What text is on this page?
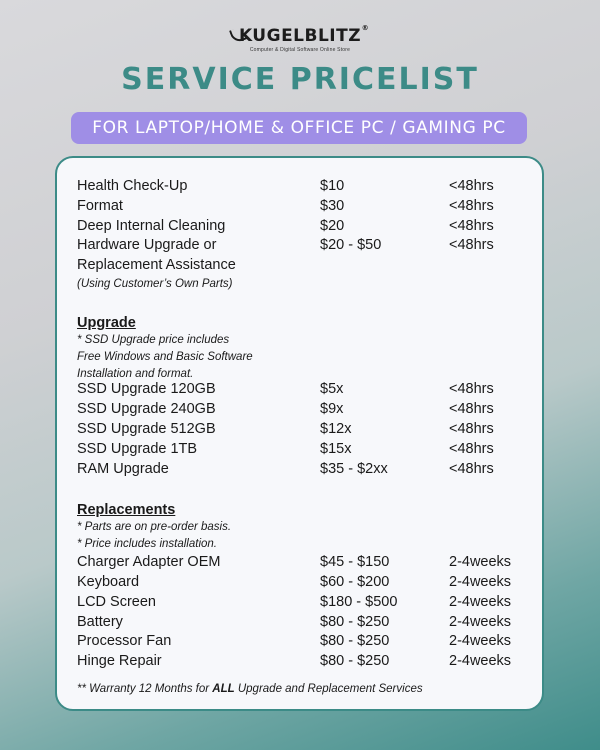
KUGELBLITZ ®
Computer & Digital Software Online Store
SERVICE PRICELIST
FOR LAPTOP/HOME & OFFICE PC / GAMING PC
Health Check-Up	$10	<48hrs
Format	$30	<48hrs
Deep Internal Cleaning	$20	<48hrs
Hardware Upgrade or	$20 - $50	<48hrs
Replacement Assistance
(Using Customer’s Own Parts)
Upgrade
* SSD Upgrade price includes
Free Windows and Basic Software
Installation and format.
SSD Upgrade 120GB	$5x	<48hrs
SSD Upgrade 240GB	$9x	<48hrs
SSD Upgrade 512GB	$12x	<48hrs
SSD Upgrade 1TB	$15x	<48hrs
RAM Upgrade	$35 - $2xx	<48hrs
Replacements
* Parts are on pre-order basis.
* Price includes installation.
Charger Adapter OEM	$45 - $150	2-4weeks
Keyboard	$60 - $200	2-4weeks
LCD Screen	$180 - $500	2-4weeks
Battery	$80 - $250	2-4weeks
Processor Fan	$80 - $250	2-4weeks
Hinge Repair	$80 - $250	2-4weeks
** Warranty 12 Months for ALL Upgrade and Replacement Services
